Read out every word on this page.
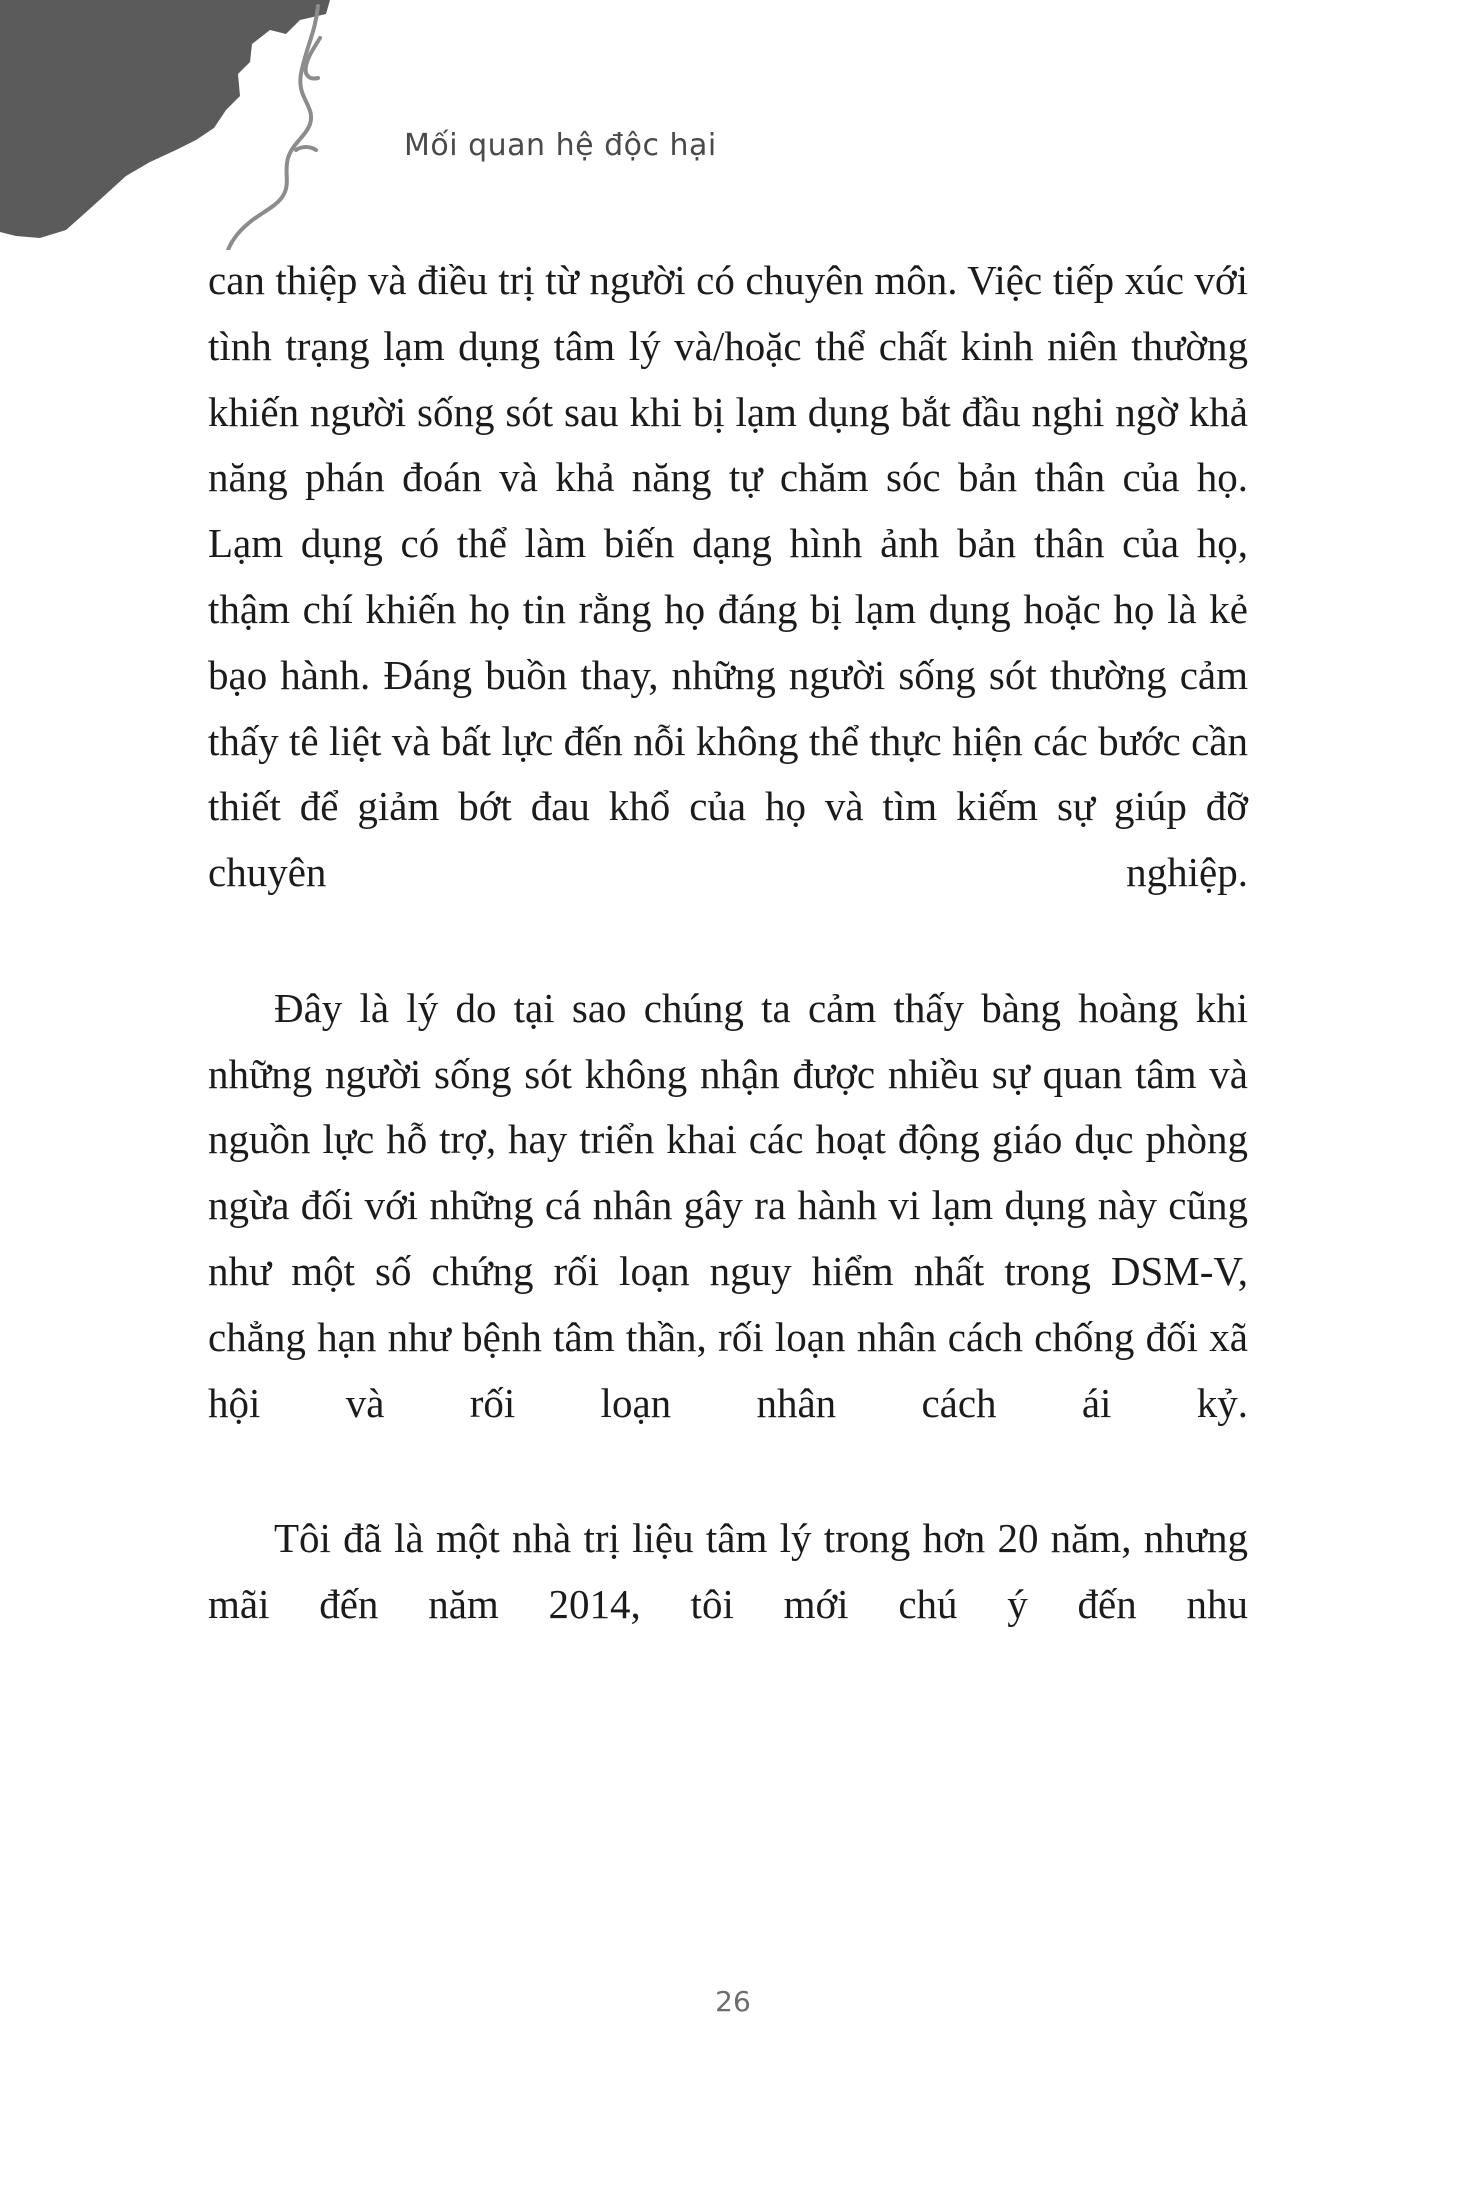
Mối quan hệ độc hại

can thiệp và điều trị từ người có chuyên môn. Việc tiếp xúc với tình trạng lạm dụng tâm lý và/hoặc thể chất kinh niên thường khiến người sống sót sau khi bị lạm dụng bắt đầu nghi ngờ khả năng phán đoán và khả năng tự chăm sóc bản thân của họ. Lạm dụng có thể làm biến dạng hình ảnh bản thân của họ, thậm chí khiến họ tin rằng họ đáng bị lạm dụng hoặc họ là kẻ bạo hành. Đáng buồn thay, những người sống sót thường cảm thấy tê liệt và bất lực đến nỗi không thể thực hiện các bước cần thiết để giảm bớt đau khổ của họ và tìm kiếm sự giúp đỡ chuyên nghiệp.

Đây là lý do tại sao chúng ta cảm thấy bàng hoàng khi những người sống sót không nhận được nhiều sự quan tâm và nguồn lực hỗ trợ, hay triển khai các hoạt động giáo dục phòng ngừa đối với những cá nhân gây ra hành vi lạm dụng này cũng như một số chứng rối loạn nguy hiểm nhất trong DSM-V, chẳng hạn như bệnh tâm thần, rối loạn nhân cách chống đối xã hội và rối loạn nhân cách ái kỷ.

Tôi đã là một nhà trị liệu tâm lý trong hơn 20 năm, nhưng mãi đến năm 2014, tôi mới chú ý đến nhu

26
